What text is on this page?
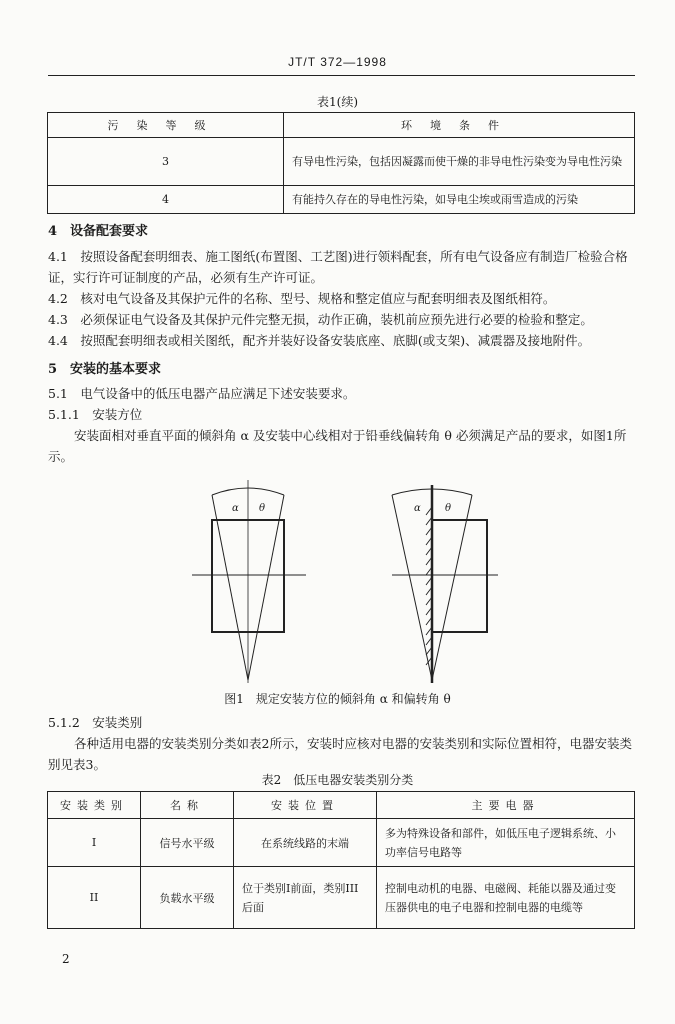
JT/T 372—1998
表1(续)
污染等级	环境条件
3	有导电性污染，包括因凝露而使干燥的非导电性污染变为导电性污染
4	有能持久存在的导电性污染，如导电尘埃或雨雪造成的污染
4　设备配套要求

4.1　按照设备配套明细表、施工图纸(布置图、工艺图)进行领料配套，所有电气设备应有制造厂检验合格证，实行许可证制度的产品，必须有生产许可证。

4.2　核对电气设备及其保护元件的名称、型号、规格和整定值应与配套明细表及图纸相符。

4.3　必须保证电气设备及其保护元件完整无损，动作正确，装机前应预先进行必要的检验和整定。

4.4　按照配套明细表或相关图纸，配齐并装好设备安装底座、底脚(或支架)、减震器及接地附件。

5　安装的基本要求

5.1　电气设备中的低压电器产品应满足下述安装要求。

5.1.1　安装方位

安装面相对垂直平面的倾斜角 α 及安装中心线相对于铅垂线偏转角 θ 必须满足产品的要求，如图1所示。

α θ	α θ
图1　规定安装方位的倾斜角 α 和偏转角 θ

5.1.2　安装类别

各种适用电器的安装类别分类如表2所示，安装时应核对电器的安装类别和实际位置相符，电器安装类别见表3。

表2　低压电器安装类别分类
安装类别	名称	安装位置	主要电器
I	信号水平级	在系统线路的末端	多为特殊设备和部件，如低压电子逻辑系统、小功率信号电路等
II	负载水平级	位于类别I前面，类别III后面	控制电动机的电器、电磁阀、耗能以器及通过变压器供电的电子电器和控制电器的电缆等
2
